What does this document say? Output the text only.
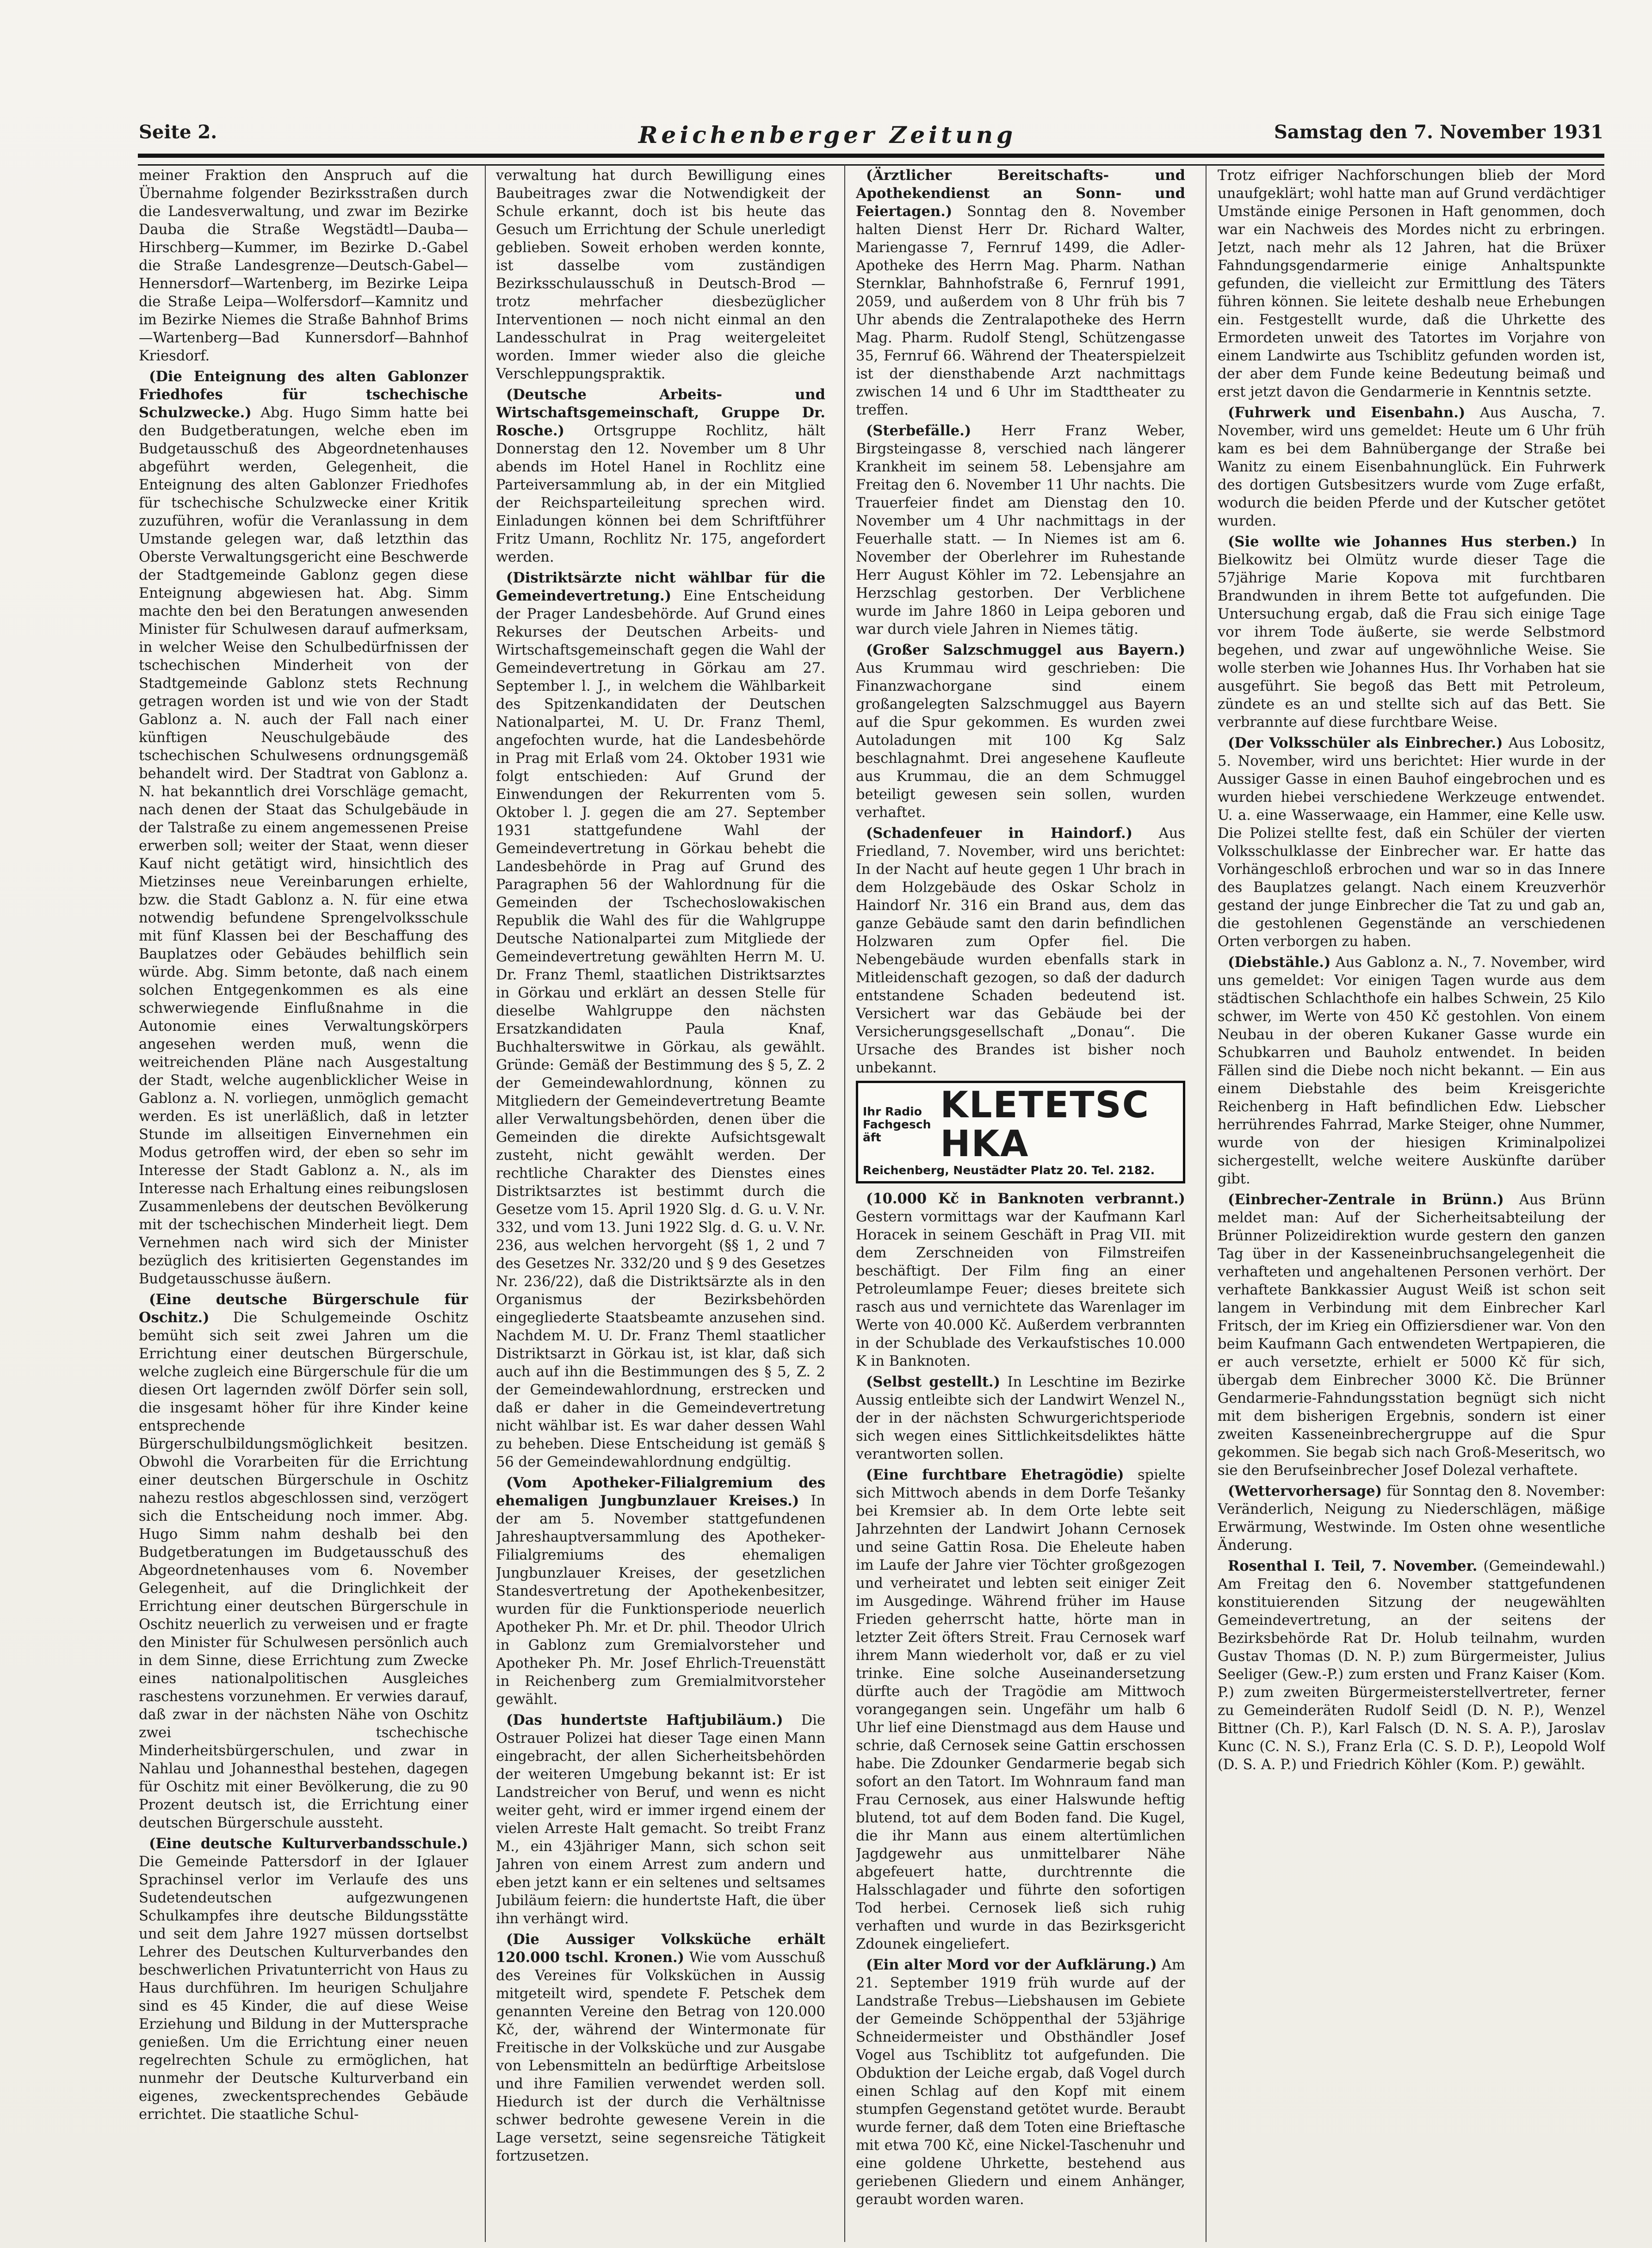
Seite 2.	Reichenberger Zeitung	Samstag den 7. November 1931

meiner Fraktion den Anspruch auf die Übernahme folgender Bezirksstraßen durch die Landesverwaltung, und zwar im Bezirke Dauba die Straße Wegstädtl—Dauba—Hirschberg—Kummer, im Bezirke D.-Gabel die Straße Landesgrenze—Deutsch-Gabel—Hennersdorf—Wartenberg, im Bezirke Leipa die Straße Leipa—Wolfersdorf—Kamnitz und im Bezirke Niemes die Straße Bahnhof Brims—Wartenberg—Bad Kunnersdorf—Bahnhof Kriesdorf.

(Die Enteignung des alten Gablonzer Friedhofes für tschechische Schulzwecke.) Abg. Hugo Simm hatte bei den Budgetberatungen, welche eben im Budgetausschuß des Abgeordnetenhauses abgeführt werden, Gelegenheit, die Enteignung des alten Gablonzer Friedhofes für tschechische Schulzwecke einer Kritik zuzuführen, wofür die Veranlassung in dem Umstande gelegen war, daß letzthin das Oberste Verwaltungsgericht eine Beschwerde der Stadtgemeinde Gablonz gegen diese Enteignung abgewiesen hat. Abg. Simm machte den bei den Beratungen anwesenden Minister für Schulwesen darauf aufmerksam, in welcher Weise den Schulbedürfnissen der tschechischen Minderheit von der Stadtgemeinde Gablonz stets Rechnung getragen worden ist und wie von der Stadt Gablonz a. N. auch der Fall nach einer künftigen Neuschulgebäude des tschechischen Schulwesens ordnungsgemäß behandelt wird. Der Stadtrat von Gablonz a. N. hat bekanntlich drei Vorschläge gemacht, nach denen der Staat das Schulgebäude in der Talstraße zu einem angemessenen Preise erwerben soll; weiter der Staat, wenn dieser Kauf nicht getätigt wird, hinsichtlich des Mietzinses neue Vereinbarungen erhielte, bzw. die Stadt Gablonz a. N. für eine etwa notwendig befundene Sprengelvolksschule mit fünf Klassen bei der Beschaffung des Bauplatzes oder Gebäudes behilflich sein würde. Abg. Simm betonte, daß nach einem solchen Entgegenkommen es als eine schwerwiegende Einflußnahme in die Autonomie eines Verwaltungskörpers angesehen werden muß, wenn die weitreichenden Pläne nach Ausgestaltung der Stadt, welche augenblicklicher Weise in Gablonz a. N. vorliegen, unmöglich gemacht werden. Es ist unerläßlich, daß in letzter Stunde im allseitigen Einvernehmen ein Modus getroffen wird, der eben so sehr im Interesse der Stadt Gablonz a. N., als im Interesse nach Erhaltung eines reibungslosen Zusammenlebens der deutschen Bevölkerung mit der tschechischen Minderheit liegt. Dem Vernehmen nach wird sich der Minister bezüglich des kritisierten Gegenstandes im Budgetausschusse äußern.

(Eine deutsche Bürgerschule für Oschitz.) Die Schulgemeinde Oschitz bemüht sich seit zwei Jahren um die Errichtung einer deutschen Bürgerschule, welche zugleich eine Bürgerschule für die um diesen Ort lagernden zwölf Dörfer sein soll, die insgesamt höher für ihre Kinder keine entsprechende Bürgerschulbildungsmöglichkeit besitzen. Obwohl die Vorarbeiten für die Errichtung einer deutschen Bürgerschule in Oschitz nahezu restlos abgeschlossen sind, verzögert sich die Entscheidung noch immer. Abg. Hugo Simm nahm deshalb bei den Budgetberatungen im Budgetausschuß des Abgeordnetenhauses vom 6. November Gelegenheit, auf die Dringlichkeit der Errichtung einer deutschen Bürgerschule in Oschitz neuerlich zu verweisen und er fragte den Minister für Schulwesen persönlich auch in dem Sinne, diese Errichtung zum Zwecke eines nationalpolitischen Ausgleiches raschestens vorzunehmen. Er verwies darauf, daß zwar in der nächsten Nähe von Oschitz zwei tschechische Minderheitsbürgerschulen, und zwar in Nahlau und Johannesthal bestehen, dagegen für Oschitz mit einer Bevölkerung, die zu 90 Prozent deutsch ist, die Errichtung einer deutschen Bürgerschule aussteht.

(Eine deutsche Kulturverbandsschule.) Die Gemeinde Pattersdorf in der Iglauer Sprachinsel verlor im Verlaufe des uns Sudetendeutschen aufgezwungenen Schulkampfes ihre deutsche Bildungsstätte und seit dem Jahre 1927 müssen dortselbst Lehrer des Deutschen Kulturverbandes den beschwerlichen Privatunterricht von Haus zu Haus durchführen. Im heurigen Schuljahre sind es 45 Kinder, die auf diese Weise Erziehung und Bildung in der Muttersprache genießen. Um die Errichtung einer neuen regelrechten Schule zu ermöglichen, hat nunmehr der Deutsche Kulturverband ein eigenes, zweckentsprechendes Gebäude errichtet. Die staatliche Schul-

verwaltung hat durch Bewilligung eines Baubeitrages zwar die Notwendigkeit der Schule erkannt, doch ist bis heute das Gesuch um Errichtung der Schule unerledigt geblieben. Soweit erhoben werden konnte, ist dasselbe vom zuständigen Bezirksschulausschuß in Deutsch-Brod — trotz mehrfacher diesbezüglicher Interventionen — noch nicht einmal an den Landesschulrat in Prag weitergeleitet worden. Immer wieder also die gleiche Verschleppungspraktik.

(Deutsche Arbeits- und Wirtschaftsgemeinschaft, Gruppe Dr. Rosche.) Ortsgruppe Rochlitz, hält Donnerstag den 12. November um 8 Uhr abends im Hotel Hanel in Rochlitz eine Parteiversammlung ab, in der ein Mitglied der Reichsparteileitung sprechen wird. Einladungen können bei dem Schriftführer Fritz Umann, Rochlitz Nr. 175, angefordert werden.

(Distriktsärzte nicht wählbar für die Gemeindevertretung.) Eine Entscheidung der Prager Landesbehörde. Auf Grund eines Rekurses der Deutschen Arbeits- und Wirtschaftsgemeinschaft gegen die Wahl der Gemeindevertretung in Görkau am 27. September l. J., in welchem die Wählbarkeit des Spitzenkandidaten der Deutschen Nationalpartei, M. U. Dr. Franz Theml, angefochten wurde, hat die Landesbehörde in Prag mit Erlaß vom 24. Oktober 1931 wie folgt entschieden: Auf Grund der Einwendungen der Rekurrenten vom 5. Oktober l. J. gegen die am 27. September 1931 stattgefundene Wahl der Gemeindevertretung in Görkau behebt die Landesbehörde in Prag auf Grund des Paragraphen 56 der Wahlordnung für die Gemeinden der Tschechoslowakischen Republik die Wahl des für die Wahlgruppe Deutsche Nationalpartei zum Mitgliede der Gemeindevertretung gewählten Herrn M. U. Dr. Franz Theml, staatlichen Distriktsarztes in Görkau und erklärt an dessen Stelle für dieselbe Wahlgruppe den nächsten Ersatzkandidaten Paula Knaf, Buchhalterswitwe in Görkau, als gewählt. Gründe: Gemäß der Bestimmung des § 5, Z. 2 der Gemeindewahlordnung, können zu Mitgliedern der Gemeindevertretung Beamte aller Verwaltungsbehörden, denen über die Gemeinden die direkte Aufsichtsgewalt zusteht, nicht gewählt werden. Der rechtliche Charakter des Dienstes eines Distriktsarztes ist bestimmt durch die Gesetze vom 15. April 1920 Slg. d. G. u. V. Nr. 332, und vom 13. Juni 1922 Slg. d. G. u. V. Nr. 236, aus welchen hervorgeht (§§ 1, 2 und 7 des Gesetzes Nr. 332/20 und § 9 des Gesetzes Nr. 236/22), daß die Distriktsärzte als in den Organismus der Bezirksbehörden eingegliederte Staatsbeamte anzusehen sind. Nachdem M. U. Dr. Franz Theml staatlicher Distriktsarzt in Görkau ist, ist klar, daß sich auch auf ihn die Bestimmungen des § 5, Z. 2 der Gemeindewahlordnung, erstrecken und daß er daher in die Gemeindevertretung nicht wählbar ist. Es war daher dessen Wahl zu beheben. Diese Entscheidung ist gemäß § 56 der Gemeindewahlordnung endgültig.

(Vom Apotheker-Filialgremium des ehemaligen Jungbunzlauer Kreises.) In der am 5. November stattgefundenen Jahreshauptversammlung des Apotheker-Filialgremiums des ehemaligen Jungbunzlauer Kreises, der gesetzlichen Standesvertretung der Apothekenbesitzer, wurden für die Funktionsperiode neuerlich Apotheker Ph. Mr. et Dr. phil. Theodor Ulrich in Gablonz zum Gremialvorsteher und Apotheker Ph. Mr. Josef Ehrlich-Treuenstätt in Reichenberg zum Gremialmitvorsteher gewählt.

(Das hundertste Haftjubiläum.) Die Ostrauer Polizei hat dieser Tage einen Mann eingebracht, der allen Sicherheitsbehörden der weiteren Umgebung bekannt ist: Er ist Landstreicher von Beruf, und wenn es nicht weiter geht, wird er immer irgend einem der vielen Arreste Halt gemacht. So treibt Franz M., ein 43jähriger Mann, sich schon seit Jahren von einem Arrest zum andern und eben jetzt kann er ein seltenes und seltsames Jubiläum feiern: die hundertste Haft, die über ihn verhängt wird.

(Die Aussiger Volksküche erhält 120.000 tschl. Kronen.) Wie vom Ausschuß des Vereines für Volksküchen in Aussig mitgeteilt wird, spendete F. Petschek dem genannten Vereine den Betrag von 120.000 Kč, der, während der Wintermonate für Freitische in der Volksküche und zur Ausgabe von Lebensmitteln an bedürftige Arbeitslose und ihre Familien verwendet werden soll. Hiedurch ist der durch die Verhältnisse schwer bedrohte gewesene Verein in die Lage versetzt, seine segensreiche Tätigkeit fortzusetzen.

(Ärztlicher Bereitschafts- und Apothekendienst an Sonn- und Feiertagen.) Sonntag den 8. November halten Dienst Herr Dr. Richard Walter, Mariengasse 7, Fernruf 1499, die Adler-Apotheke des Herrn Mag. Pharm. Nathan Sternklar, Bahnhofstraße 6, Fernruf 1991, 2059, und außerdem von 8 Uhr früh bis 7 Uhr abends die Zentralapotheke des Herrn Mag. Pharm. Rudolf Stengl, Schützengasse 35, Fernruf 66. Während der Theaterspielzeit ist der diensthabende Arzt nachmittags zwischen 14 und 6 Uhr im Stadttheater zu treffen.

(Sterbefälle.) Herr Franz Weber, Birgsteingasse 8, verschied nach längerer Krankheit im seinem 58. Lebensjahre am Freitag den 6. November 11 Uhr nachts. Die Trauerfeier findet am Dienstag den 10. November um 4 Uhr nachmittags in der Feuerhalle statt. — In Niemes ist am 6. November der Oberlehrer im Ruhestande Herr August Köhler im 72. Lebensjahre an Herzschlag gestorben. Der Verblichene wurde im Jahre 1860 in Leipa geboren und war durch viele Jahren in Niemes tätig.

(Großer Salzschmuggel aus Bayern.) Aus Krummau wird geschrieben: Die Finanzwachorgane sind einem großangelegten Salzschmuggel aus Bayern auf die Spur gekommen. Es wurden zwei Autoladungen mit 100 Kg Salz beschlagnahmt. Drei angesehene Kaufleute aus Krummau, die an dem Schmuggel beteiligt gewesen sein sollen, wurden verhaftet.

(Schadenfeuer in Haindorf.) Aus Friedland, 7. November, wird uns berichtet: In der Nacht auf heute gegen 1 Uhr brach in dem Holzgebäude des Oskar Scholz in Haindorf Nr. 316 ein Brand aus, dem das ganze Gebäude samt den darin befindlichen Holzwaren zum Opfer fiel. Die Nebengebäude wurden ebenfalls stark in Mitleidenschaft gezogen, so daß der dadurch entstandene Schaden bedeutend ist. Versichert war das Gebäude bei der Versicherungsgesellschaft „Donau“. Die Ursache des Brandes ist bisher noch unbekannt.

Ihr Radio
Fachgeschäft
KLETETSCHKA
Reichenberg, Neustädter Platz 20. Tel. 2182.

(10.000 Kč in Banknoten verbrannt.) Gestern vormittags war der Kaufmann Karl Horacek in seinem Geschäft in Prag VII. mit dem Zerschneiden von Filmstreifen beschäftigt. Der Film fing an einer Petroleumlampe Feuer; dieses breitete sich rasch aus und vernichtete das Warenlager im Werte von 40.000 Kč. Außerdem verbrannten in der Schublade des Verkaufstisches 10.000 K in Banknoten.

(Selbst gestellt.) In Leschtine im Bezirke Aussig entleibte sich der Landwirt Wenzel N., der in der nächsten Schwurgerichtsperiode sich wegen eines Sittlichkeitsdeliktes hätte verantworten sollen.

(Eine furchtbare Ehetragödie) spielte sich Mittwoch abends in dem Dorfe Tešanky bei Kremsier ab. In dem Orte lebte seit Jahrzehnten der Landwirt Johann Cernosek und seine Gattin Rosa. Die Eheleute haben im Laufe der Jahre vier Töchter großgezogen und verheiratet und lebten seit einiger Zeit im Ausgedinge. Während früher im Hause Frieden geherrscht hatte, hörte man in letzter Zeit öfters Streit. Frau Cernosek warf ihrem Mann wiederholt vor, daß er zu viel trinke. Eine solche Auseinandersetzung dürfte auch der Tragödie am Mittwoch vorangegangen sein. Ungefähr um halb 6 Uhr lief eine Dienstmagd aus dem Hause und schrie, daß Cernosek seine Gattin erschossen habe. Die Zdounker Gendarmerie begab sich sofort an den Tatort. Im Wohnraum fand man Frau Cernosek, aus einer Halswunde heftig blutend, tot auf dem Boden fand. Die Kugel, die ihr Mann aus einem altertümlichen Jagdgewehr aus unmittelbarer Nähe abgefeuert hatte, durchtrennte die Halsschlagader und führte den sofortigen Tod herbei. Cernosek ließ sich ruhig verhaften und wurde in das Bezirksgericht Zdounek eingeliefert.

(Ein alter Mord vor der Aufklärung.) Am 21. September 1919 früh wurde auf der Landstraße Trebus—Liebshausen im Gebiete der Gemeinde Schöppenthal der 53jährige Schneidermeister und Obsthändler Josef Vogel aus Tschiblitz tot aufgefunden. Die Obduktion der Leiche ergab, daß Vogel durch einen Schlag auf den Kopf mit einem stumpfen Gegenstand getötet wurde. Beraubt wurde ferner, daß dem Toten eine Brieftasche mit etwa 700 Kč, eine Nickel-Taschenuhr und eine goldene Uhrkette, bestehend aus geriebenen Gliedern und einem Anhänger, geraubt worden waren.

Trotz eifriger Nachforschungen blieb der Mord unaufgeklärt; wohl hatte man auf Grund verdächtiger Umstände einige Personen in Haft genommen, doch war ein Nachweis des Mordes nicht zu erbringen. Jetzt, nach mehr als 12 Jahren, hat die Brüxer Fahndungsgendarmerie einige Anhaltspunkte gefunden, die vielleicht zur Ermittlung des Täters führen können. Sie leitete deshalb neue Erhebungen ein. Festgestellt wurde, daß die Uhrkette des Ermordeten unweit des Tatortes im Vorjahre von einem Landwirte aus Tschiblitz gefunden worden ist, der aber dem Funde keine Bedeutung beimaß und erst jetzt davon die Gendarmerie in Kenntnis setzte.

(Fuhrwerk und Eisenbahn.) Aus Auscha, 7. November, wird uns gemeldet: Heute um 6 Uhr früh kam es bei dem Bahnübergange der Straße bei Wanitz zu einem Eisenbahnunglück. Ein Fuhrwerk des dortigen Gutsbesitzers wurde vom Zuge erfaßt, wodurch die beiden Pferde und der Kutscher getötet wurden.

(Sie wollte wie Johannes Hus sterben.) In Bielkowitz bei Olmütz wurde dieser Tage die 57jährige Marie Kopova mit furchtbaren Brandwunden in ihrem Bette tot aufgefunden. Die Untersuchung ergab, daß die Frau sich einige Tage vor ihrem Tode äußerte, sie werde Selbstmord begehen, und zwar auf ungewöhnliche Weise. Sie wolle sterben wie Johannes Hus. Ihr Vorhaben hat sie ausgeführt. Sie begoß das Bett mit Petroleum, zündete es an und stellte sich auf das Bett. Sie verbrannte auf diese furchtbare Weise.

(Der Volksschüler als Einbrecher.) Aus Lobositz, 5. November, wird uns berichtet: Hier wurde in der Aussiger Gasse in einen Bauhof eingebrochen und es wurden hiebei verschiedene Werkzeuge entwendet. U. a. eine Wasserwaage, ein Hammer, eine Kelle usw. Die Polizei stellte fest, daß ein Schüler der vierten Volksschulklasse der Einbrecher war. Er hatte das Vorhängeschloß erbrochen und war so in das Innere des Bauplatzes gelangt. Nach einem Kreuzverhör gestand der junge Einbrecher die Tat zu und gab an, die gestohlenen Gegenstände an verschiedenen Orten verborgen zu haben.

(Diebstähle.) Aus Gablonz a. N., 7. November, wird uns gemeldet: Vor einigen Tagen wurde aus dem städtischen Schlachthofe ein halbes Schwein, 25 Kilo schwer, im Werte von 450 Kč gestohlen. Von einem Neubau in der oberen Kukaner Gasse wurde ein Schubkarren und Bauholz entwendet. In beiden Fällen sind die Diebe noch nicht bekannt. — Ein aus einem Diebstahle des beim Kreisgerichte Reichenberg in Haft befindlichen Edw. Liebscher herrührendes Fahrrad, Marke Steiger, ohne Nummer, wurde von der hiesigen Kriminalpolizei sichergestellt, welche weitere Auskünfte darüber gibt.

(Einbrecher-Zentrale in Brünn.) Aus Brünn meldet man: Auf der Sicherheitsabteilung der Brünner Polizeidirektion wurde gestern den ganzen Tag über in der Kasseneinbruchsangelegenheit die verhafteten und angehaltenen Personen verhört. Der verhaftete Bankkassier August Weiß ist schon seit langem in Verbindung mit dem Einbrecher Karl Fritsch, der im Krieg ein Offiziersdiener war. Von den beim Kaufmann Gach entwendeten Wertpapieren, die er auch versetzte, erhielt er 5000 Kč für sich, übergab dem Einbrecher 3000 Kč. Die Brünner Gendarmerie-Fahndungsstation begnügt sich nicht mit dem bisherigen Ergebnis, sondern ist einer zweiten Kasseneinbrechergruppe auf die Spur gekommen. Sie begab sich nach Groß-Meseritsch, wo sie den Berufseinbrecher Josef Dolezal verhaftete.

(Wettervorhersage) für Sonntag den 8. November: Veränderlich, Neigung zu Niederschlägen, mäßige Erwärmung, Westwinde. Im Osten ohne wesentliche Änderung.

Rosenthal I. Teil, 7. November. (Gemeindewahl.) Am Freitag den 6. November stattgefundenen konstituierenden Sitzung der neugewählten Gemeindevertretung, an der seitens der Bezirksbehörde Rat Dr. Holub teilnahm, wurden Gustav Thomas (D. N. P.) zum Bürgermeister, Julius Seeliger (Gew.-P.) zum ersten und Franz Kaiser (Kom. P.) zum zweiten Bürgermeisterstellvertreter, ferner zu Gemeinderäten Rudolf Seidl (D. N. P.), Wenzel Bittner (Ch. P.), Karl Falsch (D. N. S. A. P.), Jaroslav Kunc (C. N. S.), Franz Erla (C. S. D. P.), Leopold Wolf (D. S. A. P.) und Friedrich Köhler (Kom. P.) gewählt.
